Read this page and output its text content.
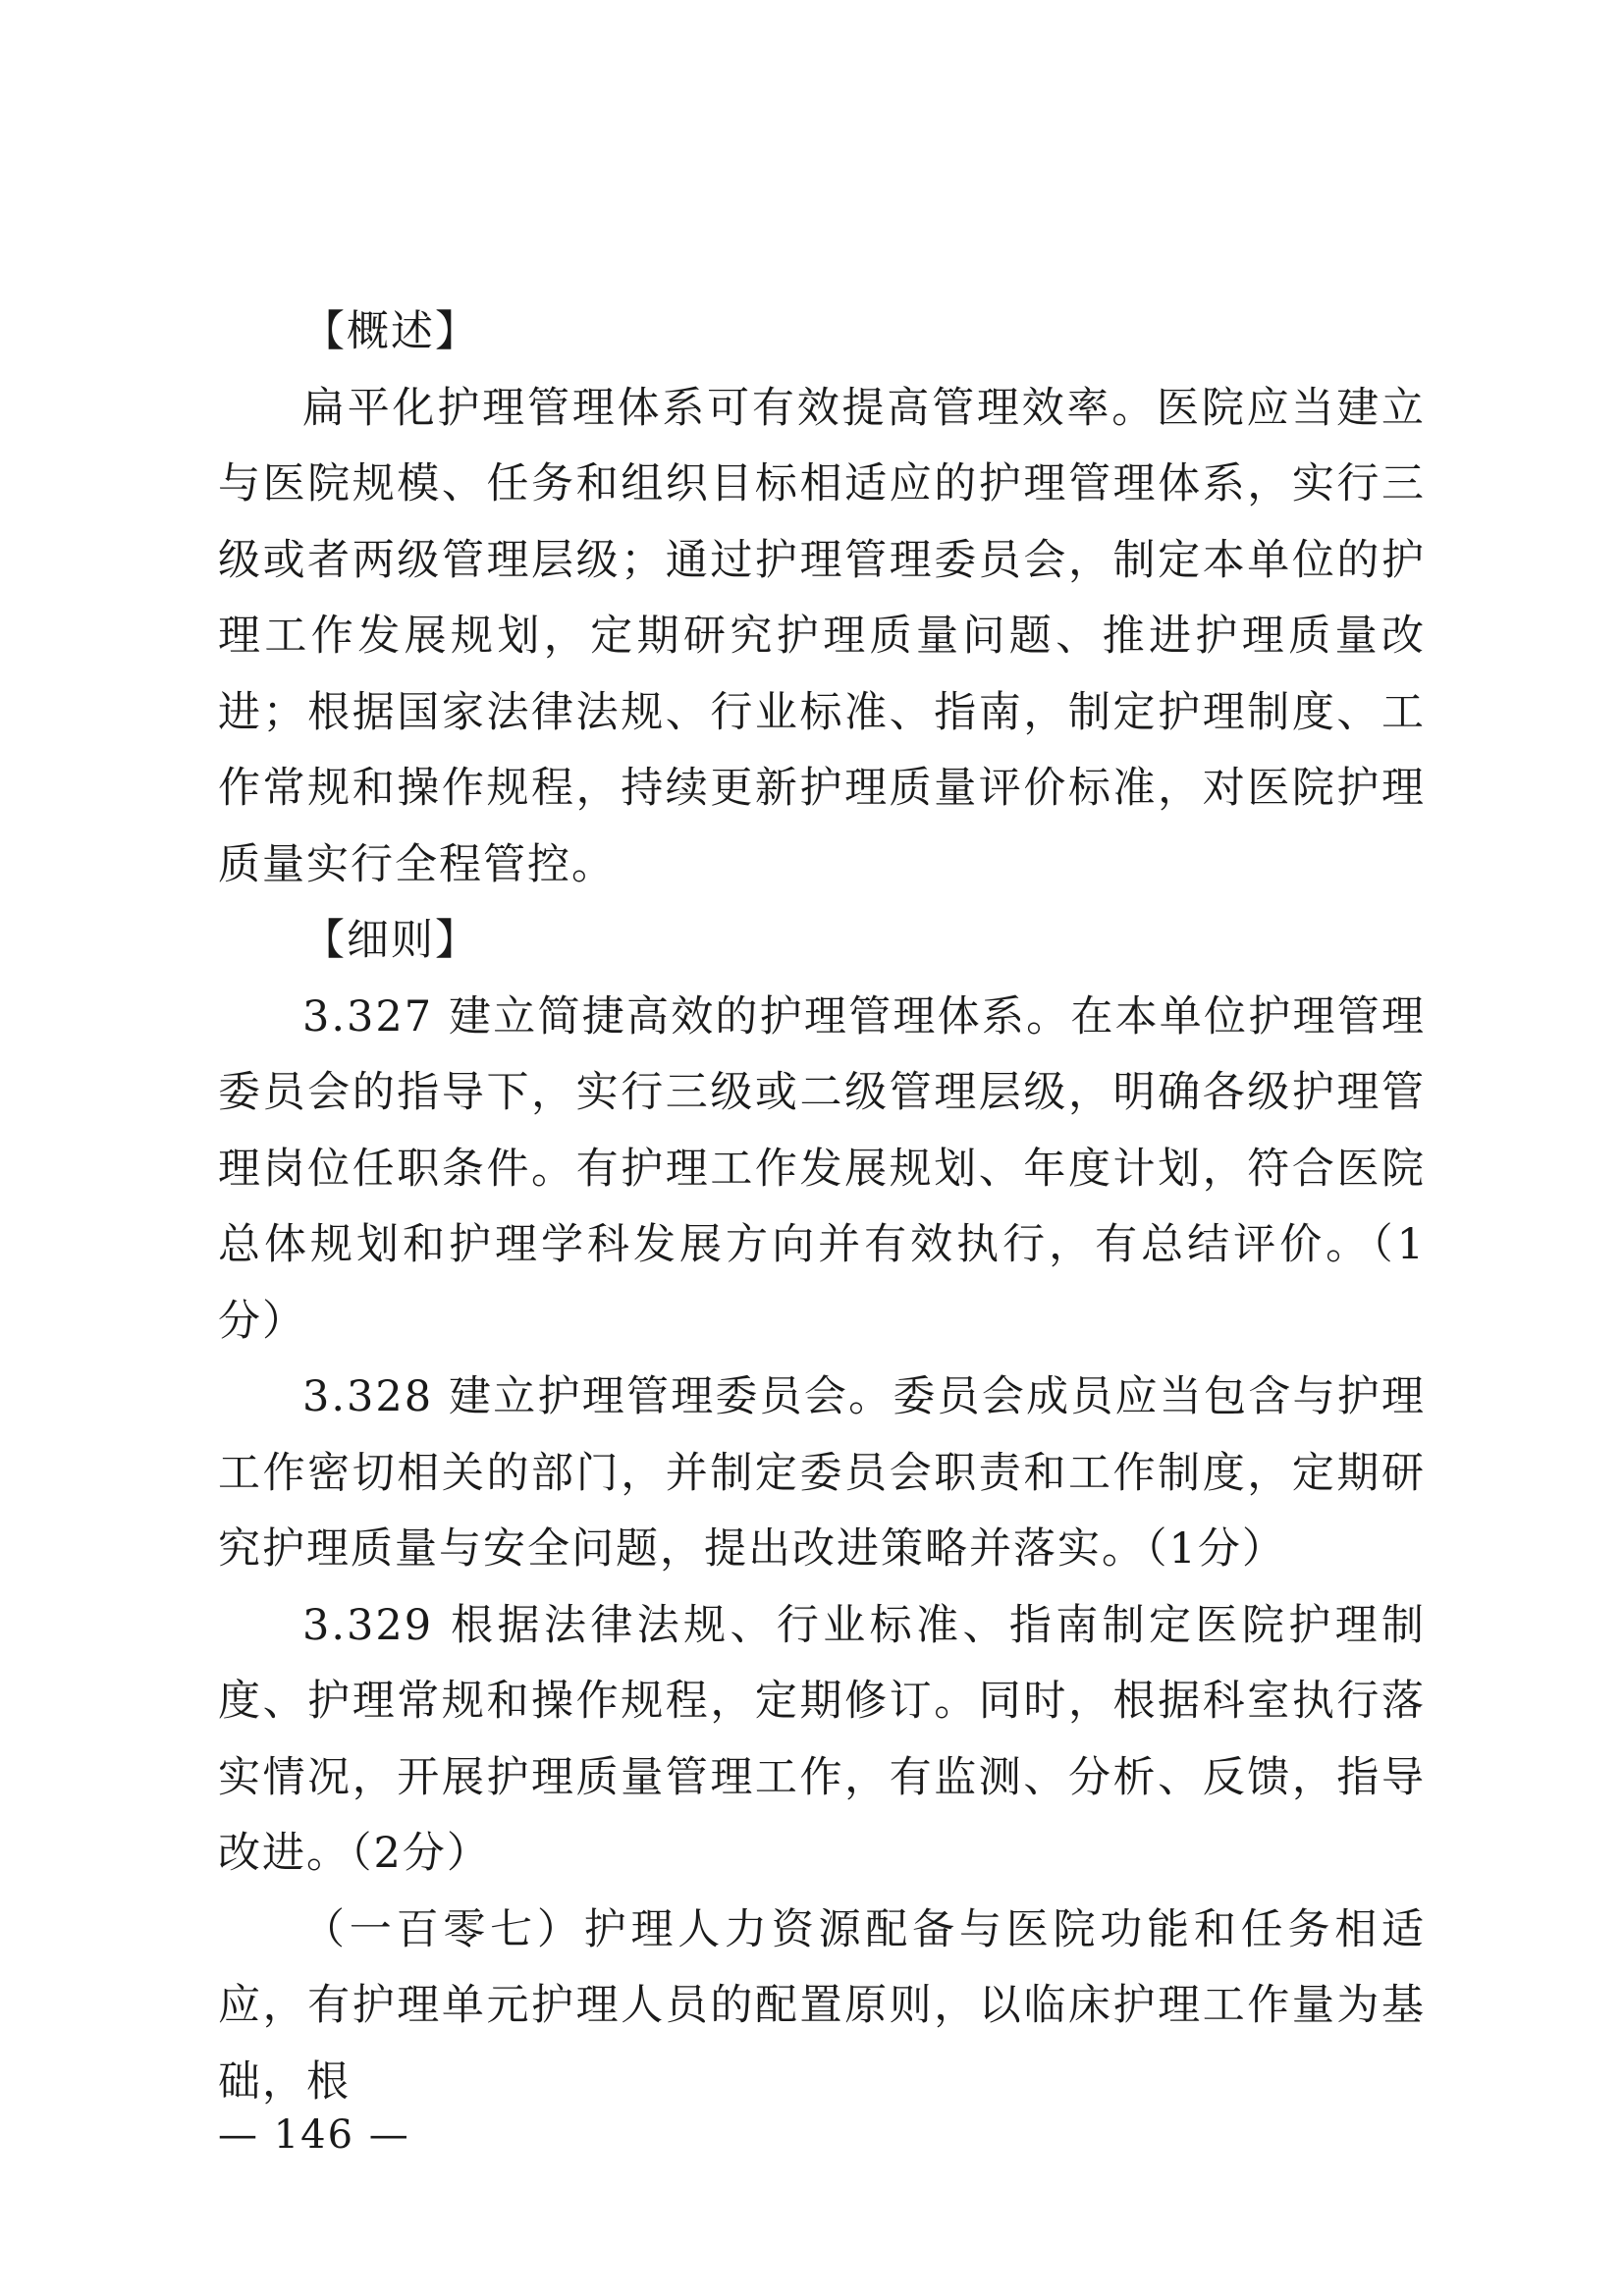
【概述】

扁平化护理管理体系可有效提高管理效率。医院应当建立与医院规模、任务和组织目标相适应的护理管理体系，实行三级或者两级管理层级；通过护理管理委员会，制定本单位的护理工作发展规划，定期研究护理质量问题、推进护理质量改进；根据国家法律法规、行业标准、指南，制定护理制度、工作常规和操作规程，持续更新护理质量评价标准，对医院护理质量实行全程管控。

【细则】

3.327 建立简捷高效的护理管理体系。在本单位护理管理委员会的指导下，实行三级或二级管理层级，明确各级护理管理岗位任职条件。有护理工作发展规划、年度计划，符合医院总体规划和护理学科发展方向并有效执行，有总结评价。（1分）

3.328 建立护理管理委员会。委员会成员应当包含与护理工作密切相关的部门，并制定委员会职责和工作制度，定期研究护理质量与安全问题，提出改进策略并落实。（1分）

3.329 根据法律法规、行业标准、指南制定医院护理制度、护理常规和操作规程，定期修订。同时，根据科室执行落实情况，开展护理质量管理工作，有监测、分析、反馈，指导改进。（2分）

（一百零七）护理人力资源配备与医院功能和任务相适应，有护理单元护理人员的配置原则，以临床护理工作量为基础，根

— 146 —
